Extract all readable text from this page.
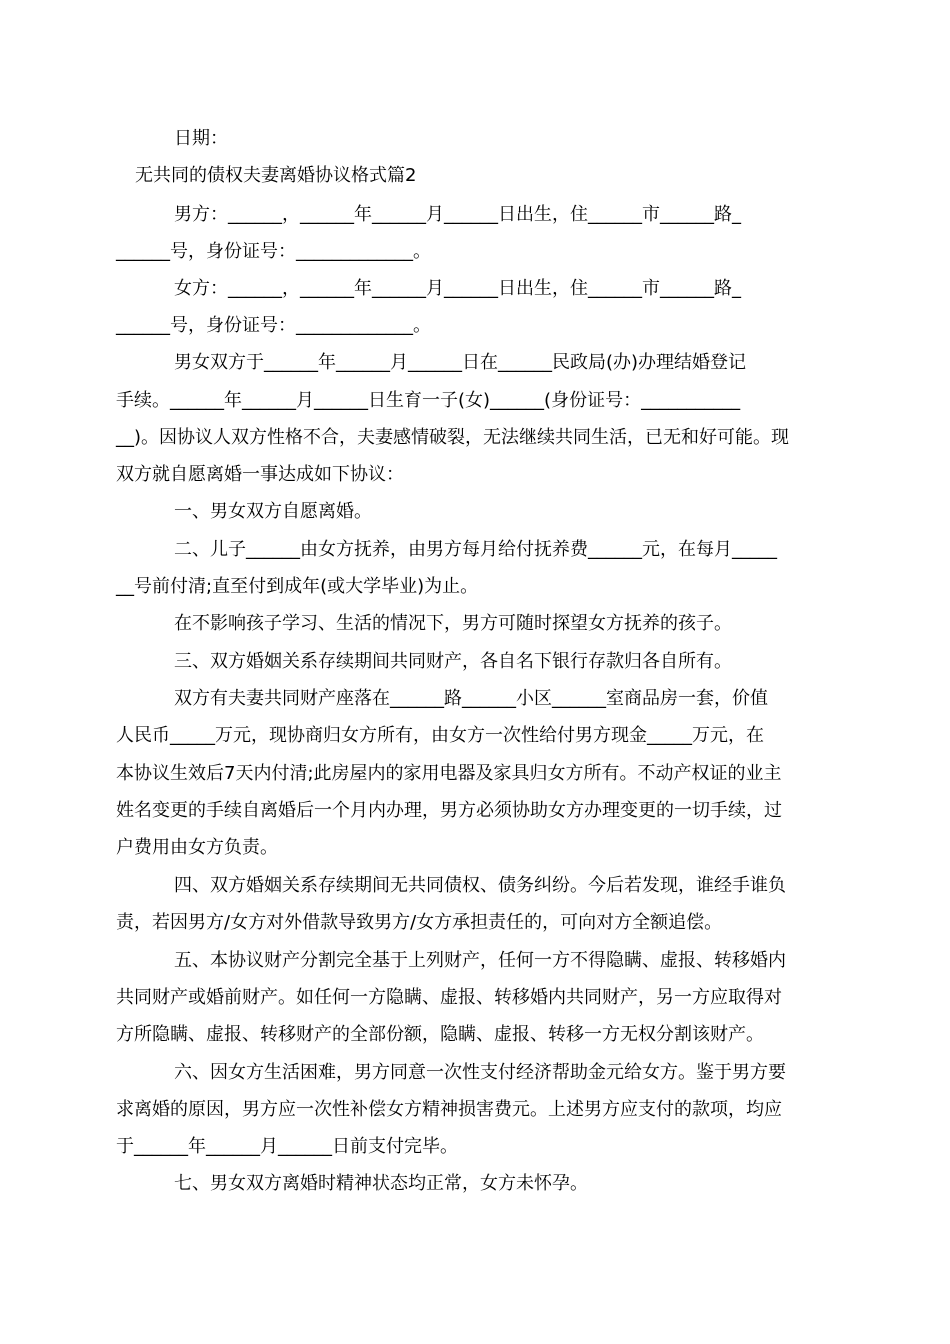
日期：

无共同的债权夫妻离婚协议格式篇2

男方：______，______年______月______日出生，住______市______路_

______号，身份证号：_____________。

女方：______，______年______月______日出生，住______市______路_

______号，身份证号：_____________。

男女双方于______年______月______日在______民政局(办)办理结婚登记

手续。______年______月______日生育一子(女)______(身份证号：___________

__)。因协议人双方性格不合，夫妻感情破裂，无法继续共同生活，已无和好可能。现

双方就自愿离婚一事达成如下协议：

一、男女双方自愿离婚。

二、儿子______由女方抚养，由男方每月给付抚养费______元，在每月_____

__号前付清;直至付到成年(或大学毕业)为止。

在不影响孩子学习、生活的情况下，男方可随时探望女方抚养的孩子。

三、双方婚姻关系存续期间共同财产，各自名下银行存款归各自所有。

双方有夫妻共同财产座落在______路______小区______室商品房一套，价值

人民币_____万元，现协商归女方所有，由女方一次性给付男方现金_____万元，在

本协议生效后7天内付清;此房屋内的家用电器及家具归女方所有。不动产权证的业主

姓名变更的手续自离婚后一个月内办理，男方必须协助女方办理变更的一切手续，过

户费用由女方负责。

四、双方婚姻关系存续期间无共同债权、债务纠纷。今后若发现，谁经手谁负

责，若因男方/女方对外借款导致男方/女方承担责任的，可向对方全额追偿。

五、本协议财产分割完全基于上列财产，任何一方不得隐瞒、虚报、转移婚内

共同财产或婚前财产。如任何一方隐瞒、虚报、转移婚内共同财产，另一方应取得对

方所隐瞒、虚报、转移财产的全部份额，隐瞒、虚报、转移一方无权分割该财产。

六、因女方生活困难，男方同意一次性支付经济帮助金元给女方。鉴于男方要

求离婚的原因，男方应一次性补偿女方精神损害费元。上述男方应支付的款项，均应

于______年______月______日前支付完毕。

七、男女双方离婚时精神状态均正常，女方未怀孕。
